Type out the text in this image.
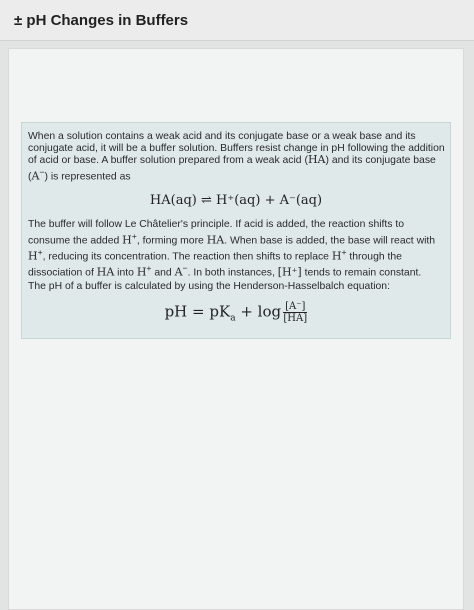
± pH Changes in Buffers
When a solution contains a weak acid and its conjugate base or a weak base and its conjugate acid, it will be a buffer solution. Buffers resist change in pH following the addition of acid or base. A buffer solution prepared from a weak acid (HA) and its conjugate base (A−) is represented as
HA(aq) ⇌ H⁺(aq) + A⁻(aq)
The buffer will follow Le Châtelier's principle. If acid is added, the reaction shifts to consume the added H+, forming more HA. When base is added, the base will react with H+, reducing its concentration. The reaction then shifts to replace H+ through the dissociation of HA into H+ and A−. In both instances, [H⁺] tends to remain constant.
The pH of a buffer is calculated by using the Henderson-Hasselbalch equation:
pH = $pK_a + \log \frac{[A^-]}{[HA]}$
